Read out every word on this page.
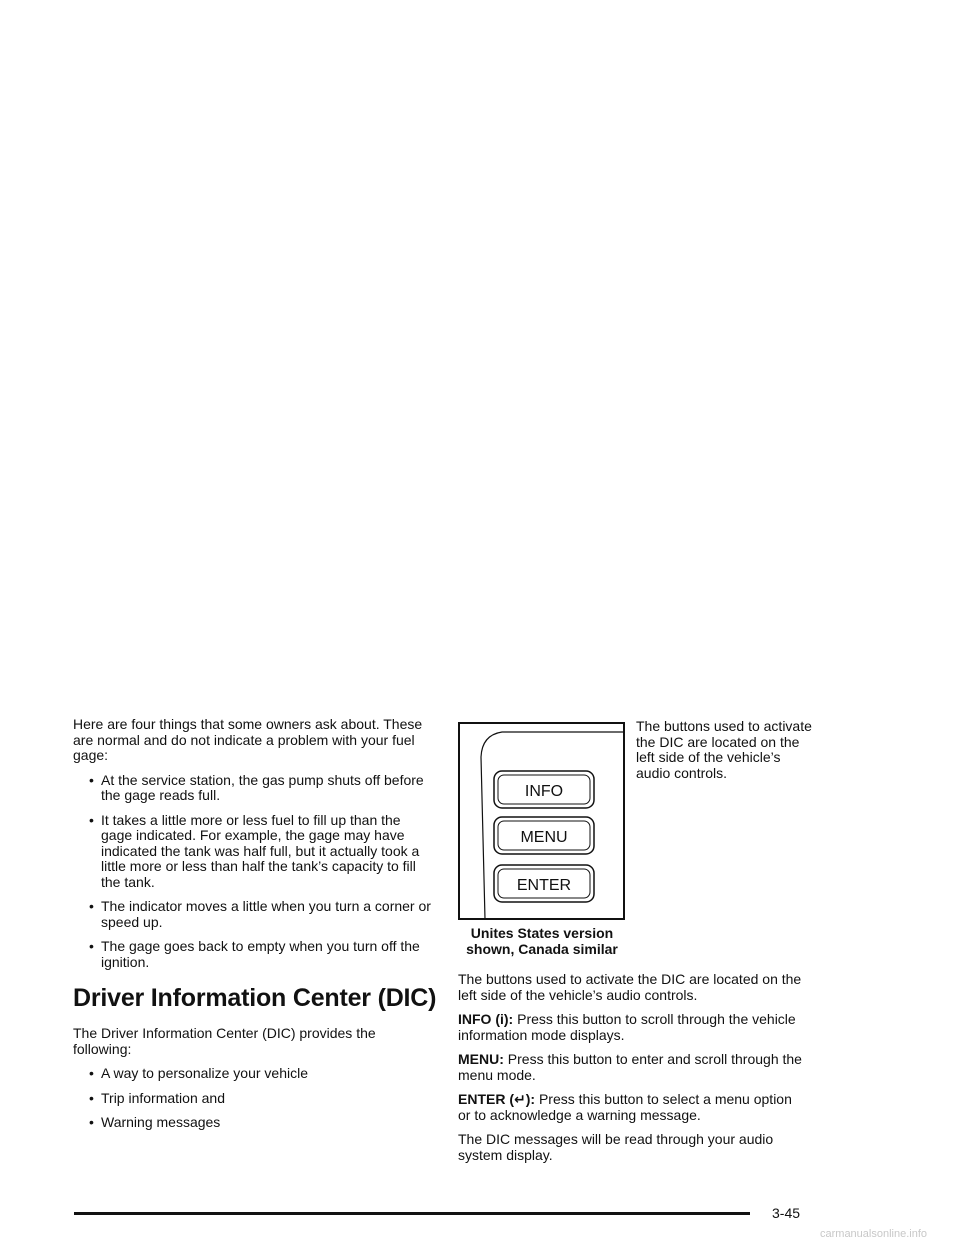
Here are four things that some owners ask about. These are normal and do not indicate a problem with your fuel gage:

• At the service station, the gas pump shuts off before the gage reads full.
• It takes a little more or less fuel to fill up than the gage indicated. For example, the gage may have indicated the tank was half full, but it actually took a little more or less than half the tank’s capacity to fill the tank.
• The indicator moves a little when you turn a corner or speed up.
• The gage goes back to empty when you turn off the ignition.
Driver Information Center (DIC)

The Driver Information Center (DIC) provides the following:

• A way to personalize your vehicle
• Trip information and
• Warning messages
INFO
MENU
ENTER
Unites States version
shown, Canada similar

The buttons used to activate the DIC are located on the left side of the vehicle’s audio controls.

The buttons used to activate the DIC are located on the left side of the vehicle’s audio controls.

INFO (i): Press this button to scroll through the vehicle information mode displays.

MENU: Press this button to enter and scroll through the menu mode.

ENTER (↵): Press this button to select a menu option or to acknowledge a warning message.

The DIC messages will be read through your audio system display.

3-45
carmanualsonline.info
